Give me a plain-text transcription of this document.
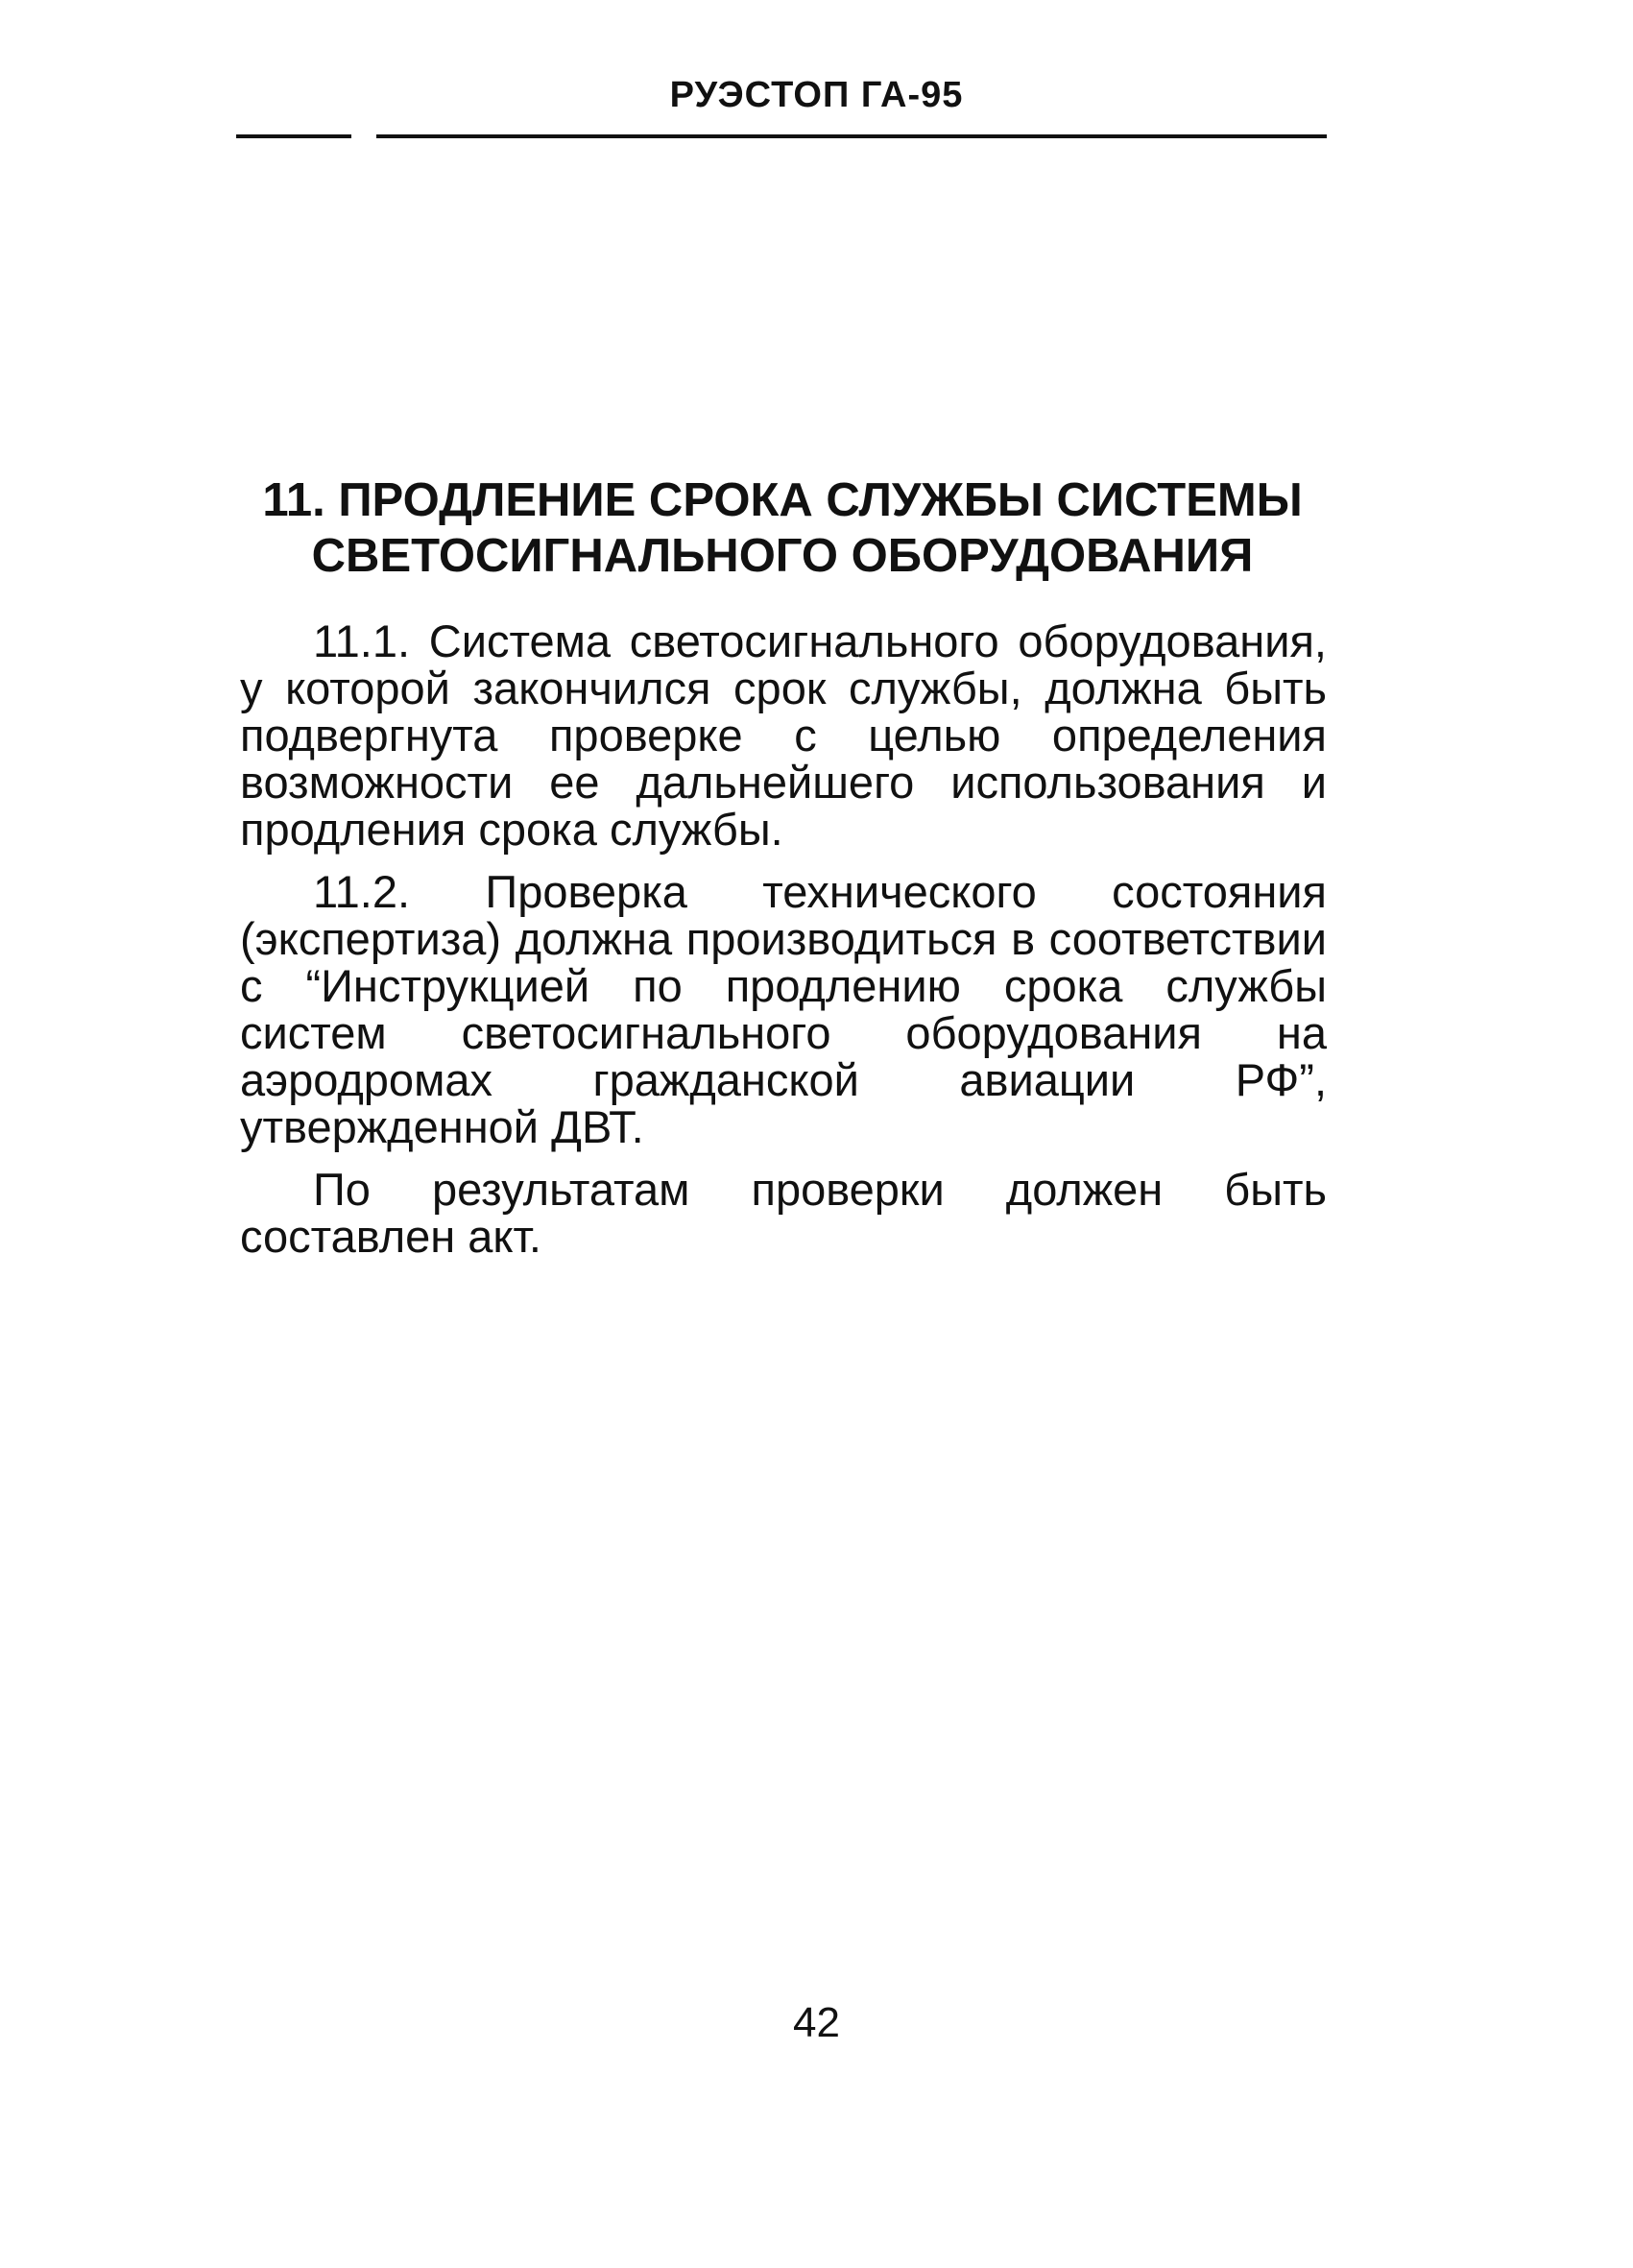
РУЭСТОП ГА-95
11. ПРОДЛЕНИЕ СРОКА СЛУЖБЫ СИСТЕМЫ
СВЕТОСИГНАЛЬНОГО ОБОРУДОВАНИЯ

11.1. Система светосигнального оборудования, у которой закончился срок службы, должна быть подвергнута проверке с целью определения возможности ее дальнейшего использования и продления срока службы.

11.2. Проверка технического состояния (экспертиза) должна производиться в соответствии с “Инструкцией по продлению срока службы систем светосигнального оборудования на аэродромах гражданской авиации РФ”, утвержденной ДВТ.

По результатам проверки должен быть составлен акт.

42
